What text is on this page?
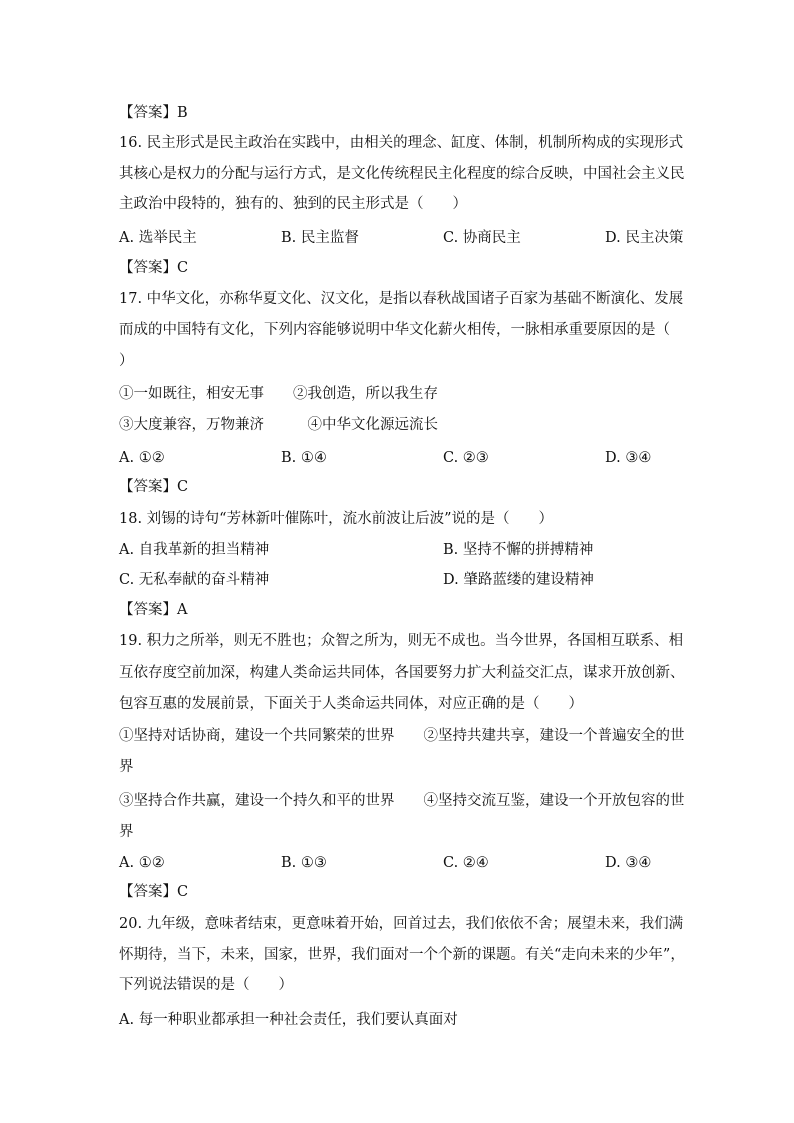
【答案】B
16. 民主形式是民主政治在实践中，由相关的理念、缸度、体制，机制所构成的实现形式
其核心是权力的分配与运行方式，是文化传统程民主化程度的综合反映，中国社会主义民
主政治中段特的，独有的、独到的民主形式是（　　）
A. 选举民主	B. 民主监督	C. 协商民主	D. 民主决策
【答案】C
17. 中华文化，亦称华夏文化、汉文化，是指以春秋战国诸子百家为基础不断演化、发展
而成的中国特有文化，下列内容能够说明中华文化薪火相传，一脉相承重要原因的是（
）
①一如既往，相安无事　　②我创造，所以我生存
③大度兼容，万物兼济　　　④中华文化源远流长
A. ①②	B. ①④	C. ②③	D. ③④
【答案】C
18. 刘锡的诗句“芳林新叶催陈叶，流水前波让后波”说的是（　　）
A. 自我革新的担当精神	B. 坚持不懈的拼搏精神
C. 无私奉献的奋斗精神	D. 肇路蓝缕的建设精神
【答案】A
19. 积力之所举，则无不胜也；众智之所为，则无不成也。当今世界，各国相互联系、相
互依存度空前加深，构建人类命运共同体，各国要努力扩大利益交汇点，谋求开放创新、
包容互惠的发展前景，下面关于人类命运共同体，对应正确的是（　　）
①坚持对话协商，建设一个共同繁荣的世界　　②坚持共建共享，建设一个普遍安全的世
界
③坚持合作共赢，建设一个持久和平的世界　　④坚持交流互鉴，建设一个开放包容的世
界
A. ①②	B. ①③	C. ②④	D. ③④
【答案】C
20. 九年级，意味者结束，更意味着开始，回首过去，我们依依不舍；展望未来，我们满
怀期待，当下，未来，国家，世界，我们面对一个个新的课题。有关“走向未来的少年”，
下列说法错误的是（　　）
A. 每一种职业都承担一种社会责任，我们要认真面对
